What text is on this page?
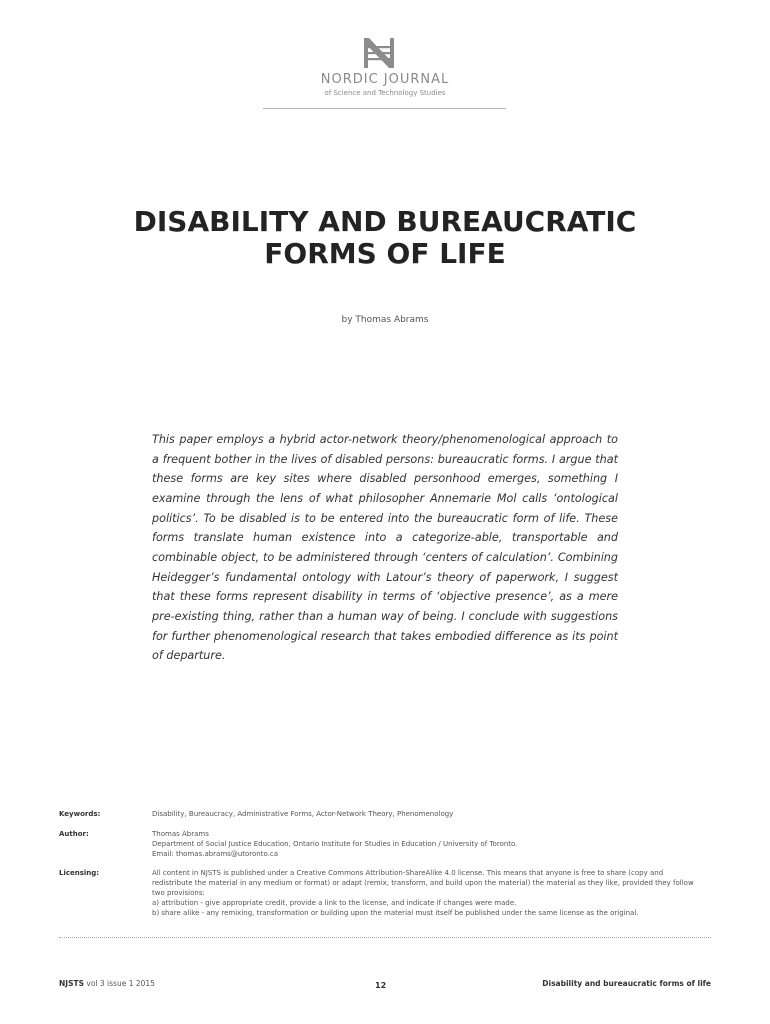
NORDIC JOURNAL
of Science and Technology Studies
DISABILITY AND BUREAUCRATIC FORMS OF LIFE
by Thomas Abrams

This paper employs a hybrid actor-network theory/phenomenological approach to a frequent bother in the lives of disabled persons: bureaucratic forms. I argue that these forms are key sites where disabled personhood emerges, something I examine through the lens of what philosopher Annemarie Mol calls ‘ontological politics’. To be disabled is to be entered into the bureaucratic form of life. These forms translate human existence into a categorize-able, transportable and combinable object, to be administered through ‘centers of calculation’. Combining Heidegger’s fundamental ontology with Latour’s theory of paperwork, I suggest that these forms represent disability in terms of ‘objective presence’, as a mere pre-existing thing, rather than a human way of being. I conclude with suggestions for further phenomenological research that takes embodied difference as its point of departure.

Keywords:	Disability, Bureaucracy, Administrative Forms, Actor-Network Theory, Phenomenology
Author:	Thomas Abrams
Department of Social Justice Education, Ontario Institute for Studies in Education / University of Toronto.
Email: thomas.abrams@utoronto.ca
Licensing:	All content in NJSTS is published under a Creative Commons Attribution-ShareAlike 4.0 license. This means that anyone is free to share (copy and
redistribute the material in any medium or format) or adapt (remix, transform, and build upon the material) the material as they like, provided they follow
two provisions:
a) attribution - give appropriate credit, provide a link to the license, and indicate if changes were made.
b) share alike - any remixing, transformation or building upon the material must itself be published under the same license as the original.
NJSTS vol 3 issue 1 2015	12	Disability and bureaucratic forms of life
